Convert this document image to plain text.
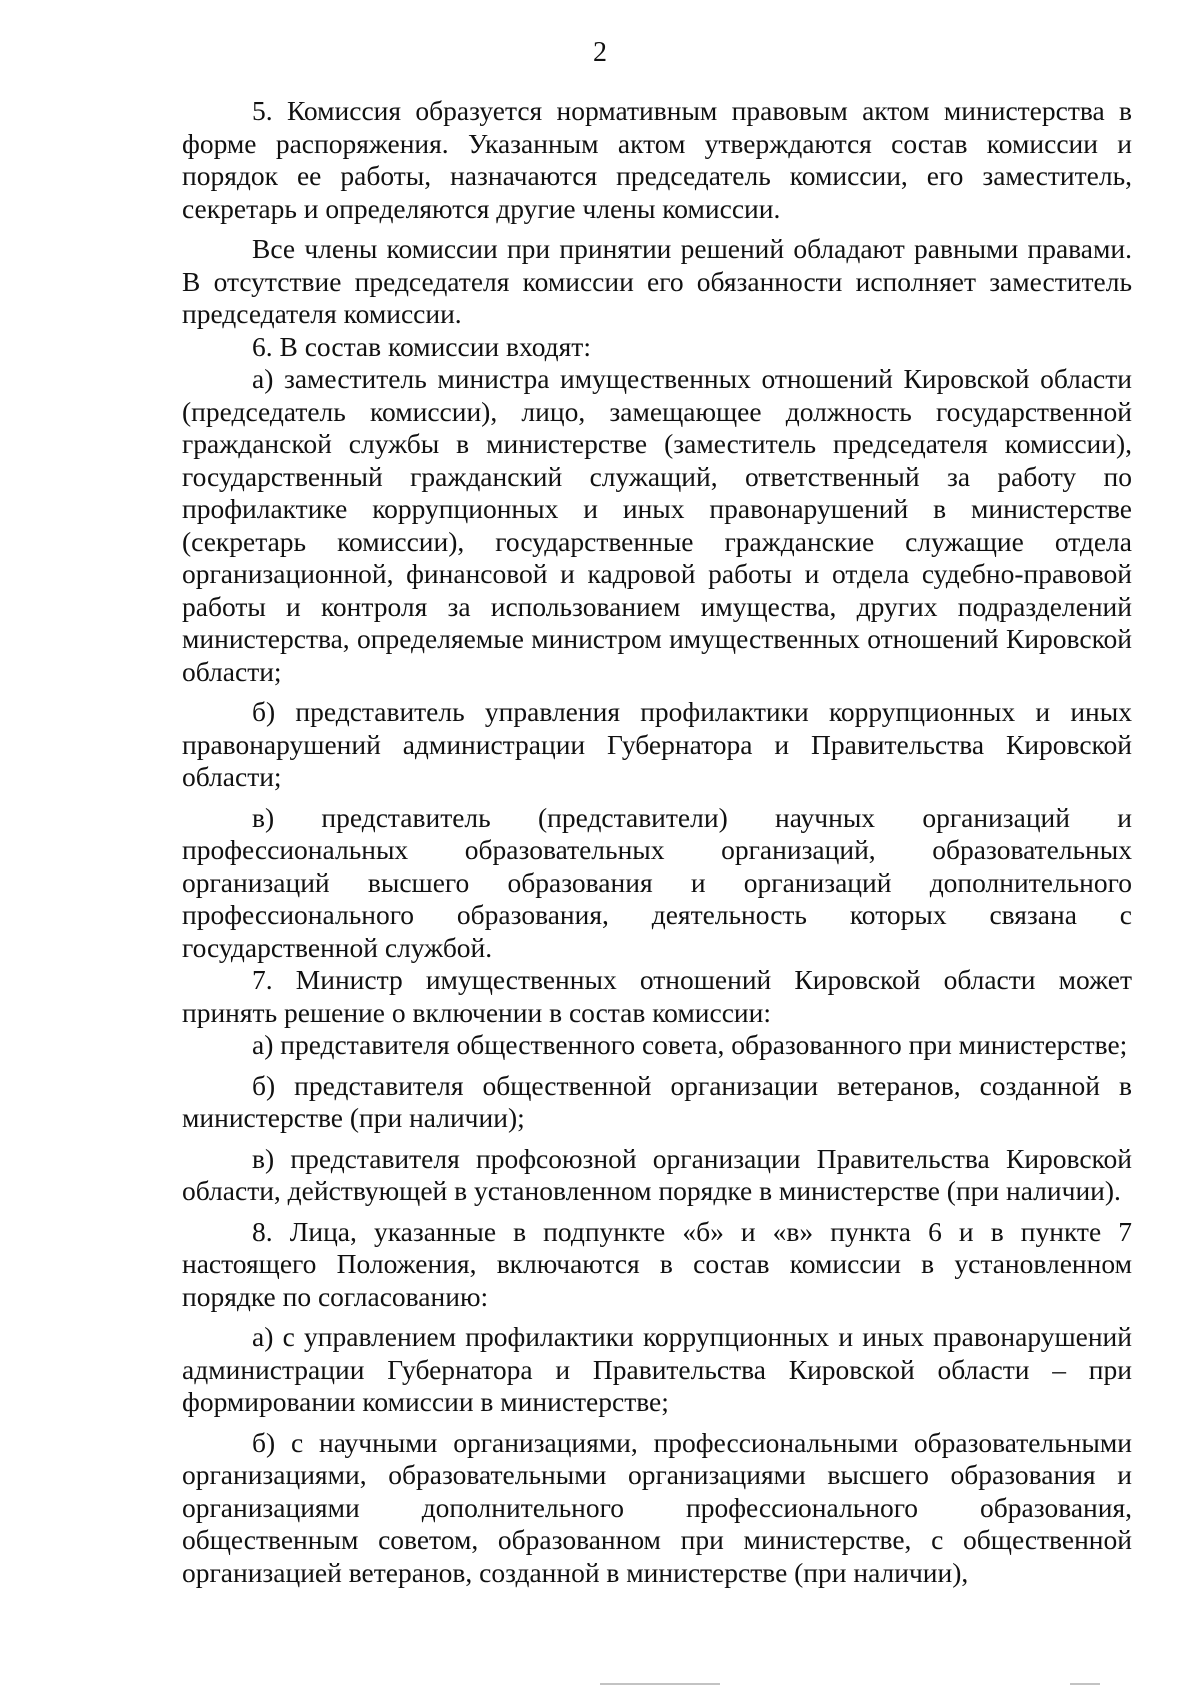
2

5. Комиссия образуется нормативным правовым актом министерства в форме распоряжения. Указанным актом утверждаются состав комиссии и порядок ее работы, назначаются председатель комиссии, его заместитель, секретарь и определяются другие члены комиссии.

Все члены комиссии при принятии решений обладают равными правами. В отсутствие председателя комиссии его обязанности исполняет заместитель председателя комиссии.

6. В состав комиссии входят:

а) заместитель министра имущественных отношений Кировской области (председатель комиссии), лицо, замещающее должность государственной гражданской службы в министерстве (заместитель председателя комиссии), государственный гражданский служащий, ответственный за работу по профилактике коррупционных и иных правонарушений в министерстве (секретарь комиссии), государственные гражданские служащие отдела организационной, финансовой и кадровой работы и отдела судебно-правовой работы и контроля за использованием имущества, других подразделений министерства, определяемые министром имущественных отношений Кировской области;

б) представитель управления профилактики коррупционных и иных правонарушений администрации Губернатора и Правительства Кировской области;

в) представитель (представители) научных организаций и профессиональных образовательных организаций, образовательных организаций высшего образования и организаций дополнительного профессионального образования, деятельность которых связана с государственной службой.

7. Министр имущественных отношений Кировской области может принять решение о включении в состав комиссии:

а) представителя общественного совета, образованного при министерстве;

б) представителя общественной организации ветеранов, созданной в министерстве (при наличии);

в) представителя профсоюзной организации Правительства Кировской области, действующей в установленном порядке в министерстве (при наличии).

8. Лица, указанные в подпункте «б» и «в» пункта 6 и в пункте 7 настоящего Положения, включаются в состав комиссии в установленном порядке по согласованию:

а) с управлением профилактики коррупционных и иных правонарушений администрации Губернатора и Правительства Кировской области – при формировании комиссии в министерстве;

б) с научными организациями, профессиональными образовательными организациями, образовательными организациями высшего образования и организациями дополнительного профессионального образования, общественным советом, образованном при министерстве, с общественной организацией ветеранов, созданной в министерстве (при наличии),
